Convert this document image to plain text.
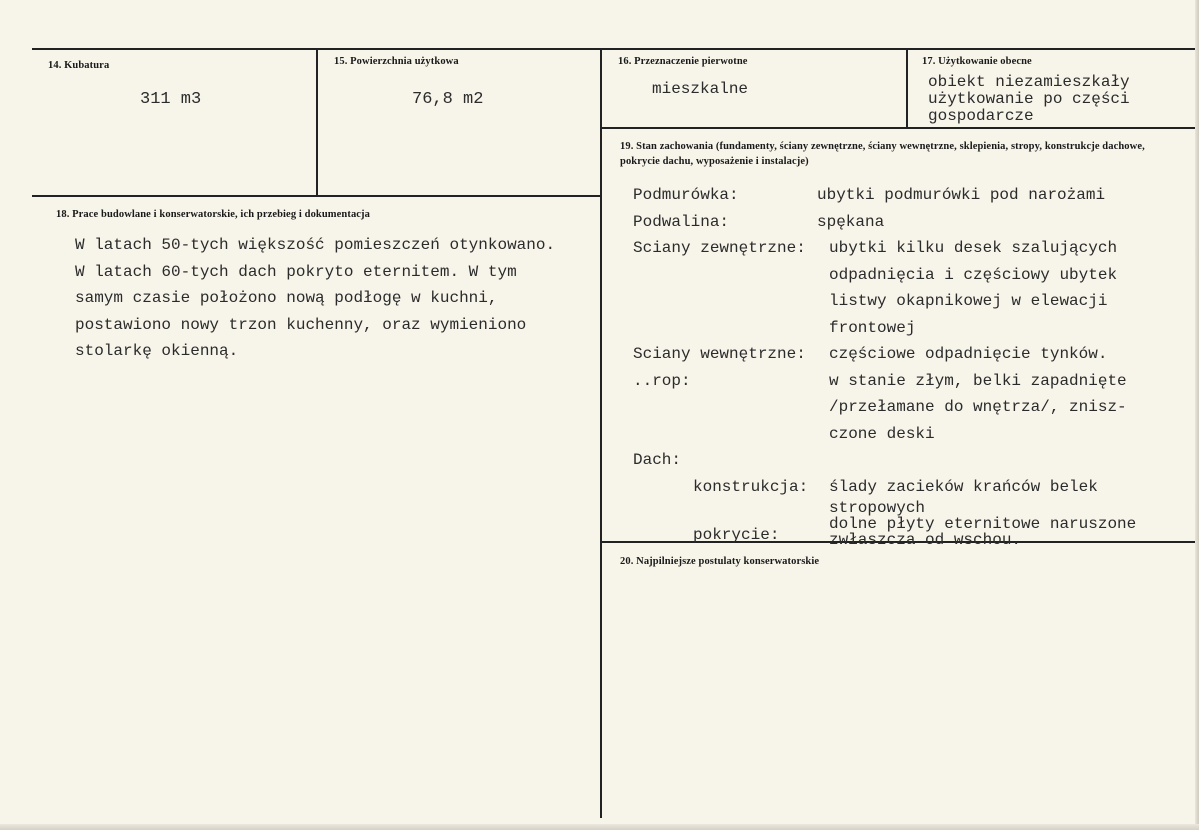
14. Kubatura
311 m3
15. Powierzchnia użytkowa
76,8 m2
16. Przeznaczenie pierwotne
mieszkalne
17. Użytkowanie obecne
obiekt niezamieszkały
użytkowanie po części
gospodarcze
18. Prace budowlane i konserwatorskie, ich przebieg i dokumentacja
W latach 50-tych większość pomieszczeń otynkowano.
W latach 60-tych dach pokryto eternitem. W tym
samym czasie położono nową podłogę w kuchni,
postawiono nowy trzon kuchenny, oraz wymieniono
stolarkę okienną.
19. Stan zachowania (fundamenty, ściany zewnętrzne, ściany wewnętrzne, sklepienia, stropy, konstrukcje dachowe, pokrycie dachu, wyposażenie i instalacje)
Podmurówka:
Podwalina:
Sciany zewnętrzne:
Sciany wewnętrzne:
..rop:
Dach:
konstrukcja:
pokrycie:
ubytki podmurówki pod narożami
spękana
ubytki kilku desek szalujących
odpadnięcia i częściowy ubytek
listwy okapnikowej w elewacji
frontowej
częściowe odpadnięcie tynków.
w stanie złym, belki zapadnięte
/przełamane do wnętrza/, znisz-
czone deski
ślady zacieków krańców belek
stropowych
dolne płyty eternitowe naruszone
zwłaszcza od wschou.
20. Najpilniejsze postulaty konserwatorskie
